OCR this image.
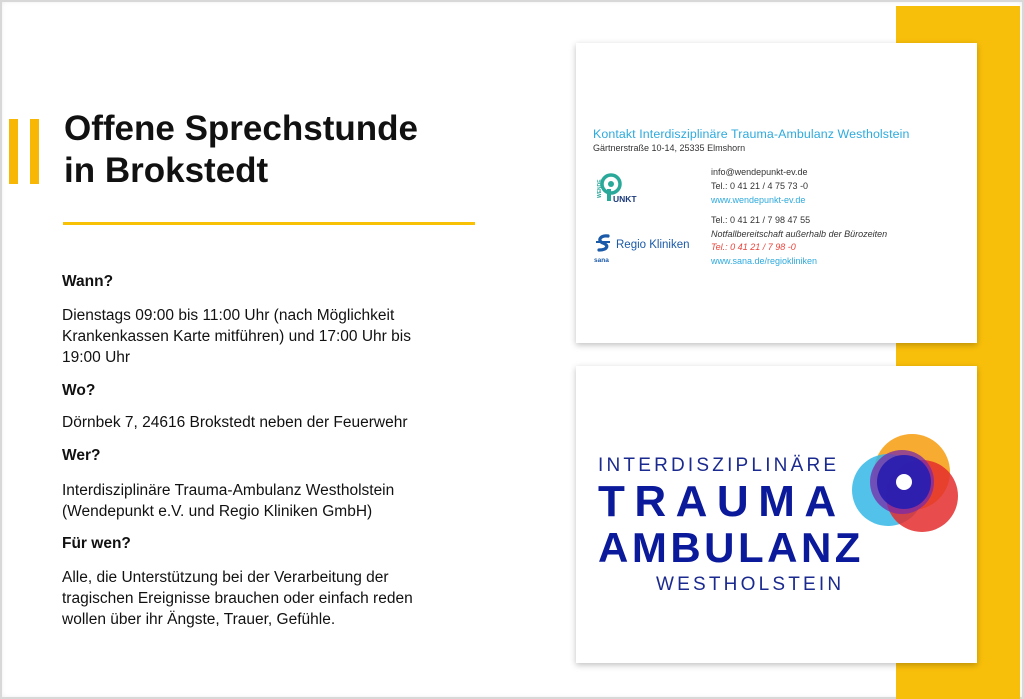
Offene Sprechstunde
in Brokstedt
Wann?
Dienstags 09:00 bis 11:00 Uhr (nach Möglichkeit
Krankenkassen Karte mitführen) und 17:00 Uhr bis
19:00 Uhr
Wo?
Dörnbek 7, 24616 Brokstedt neben der Feuerwehr
Wer?
Interdisziplinäre Trauma-Ambulanz Westholstein
(Wendepunkt e.V. und Regio Kliniken GmbH)
Für wen?
Alle, die Unterstützung bei der Verarbeitung der
tragischen Ereignisse brauchen oder einfach reden
wollen über ihr Ängste, Trauer, Gefühle.
Kontakt Interdisziplinäre Trauma-Ambulanz Westholstein
Gärtnerstraße 10-14, 25335 Elmshorn
WENDE
UNKT
info@wendepunkt-ev.de
Tel.: 0 41 21 / 4 75 73 -0
www.wendepunkt-ev.de
Regio Kliniken
sana
Tel.: 0 41 21 / 7 98 47 55
Notfallbereitschaft außerhalb der Bürozeiten
Tel.: 0 41 21 / 7 98 -0
www.sana.de/regiokliniken
INTERDISZIPLINÄRE
TRAUMA
AMBULANZ
WESTHOLSTEIN
